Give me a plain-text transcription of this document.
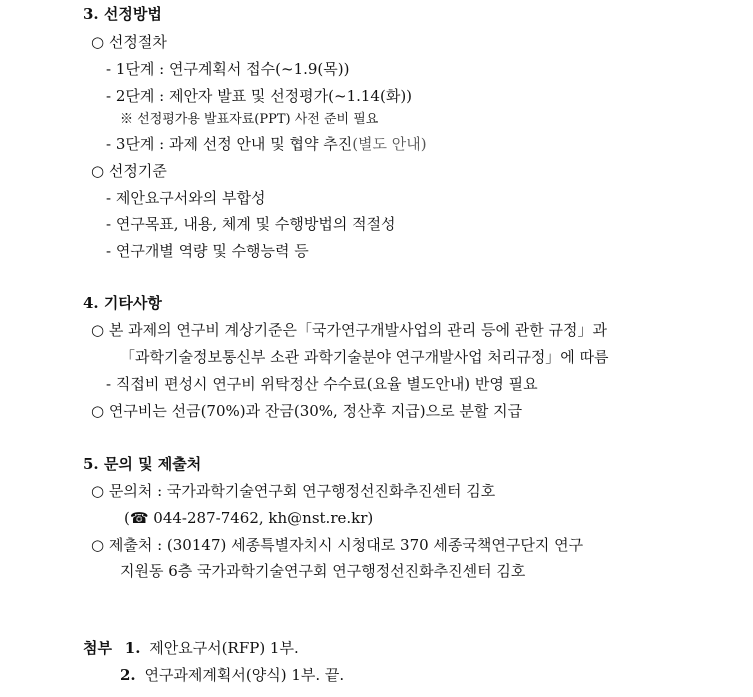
3. 선정방법
○ 선정절차
- 1단계 : 연구계획서 접수(~1.9(목))
- 2단계 : 제안자 발표 및 선정평가(~1.14(화))
※ 선정평가용 발표자료(PPT) 사전 준비 필요
- 3단계 : 과제 선정 안내 및 협약 추진(별도 안내)
○ 선정기준
- 제안요구서와의 부합성
- 연구목표, 내용, 체계 및 수행방법의 적절성
- 연구개별 역량 및 수행능력 등
4. 기타사항
○ 본 과제의 연구비 계상기준은「국가연구개발사업의 관리 등에 관한 규정」과
「과학기술정보통신부 소관 과학기술분야 연구개발사업 처리규정」에 따름
- 직접비 편성시 연구비 위탁정산 수수료(요율 별도안내) 반영 필요
○ 연구비는 선금(70%)과 잔금(30%, 정산후 지급)으로 분할 지급
5. 문의 및 제출처
○ 문의처 : 국가과학기술연구회 연구행정선진화추진센터 김호
(☎ 044-287-7462, kh@nst.re.kr)
○ 제출처 : (30147) 세종특별자치시 시청대로 370 세종국책연구단지 연구
지원동 6층 국가과학기술연구회 연구행정선진화추진센터 김호
첨부 1. 제안요구서(RFP) 1부.
2. 연구과제계획서(양식) 1부. 끝.
